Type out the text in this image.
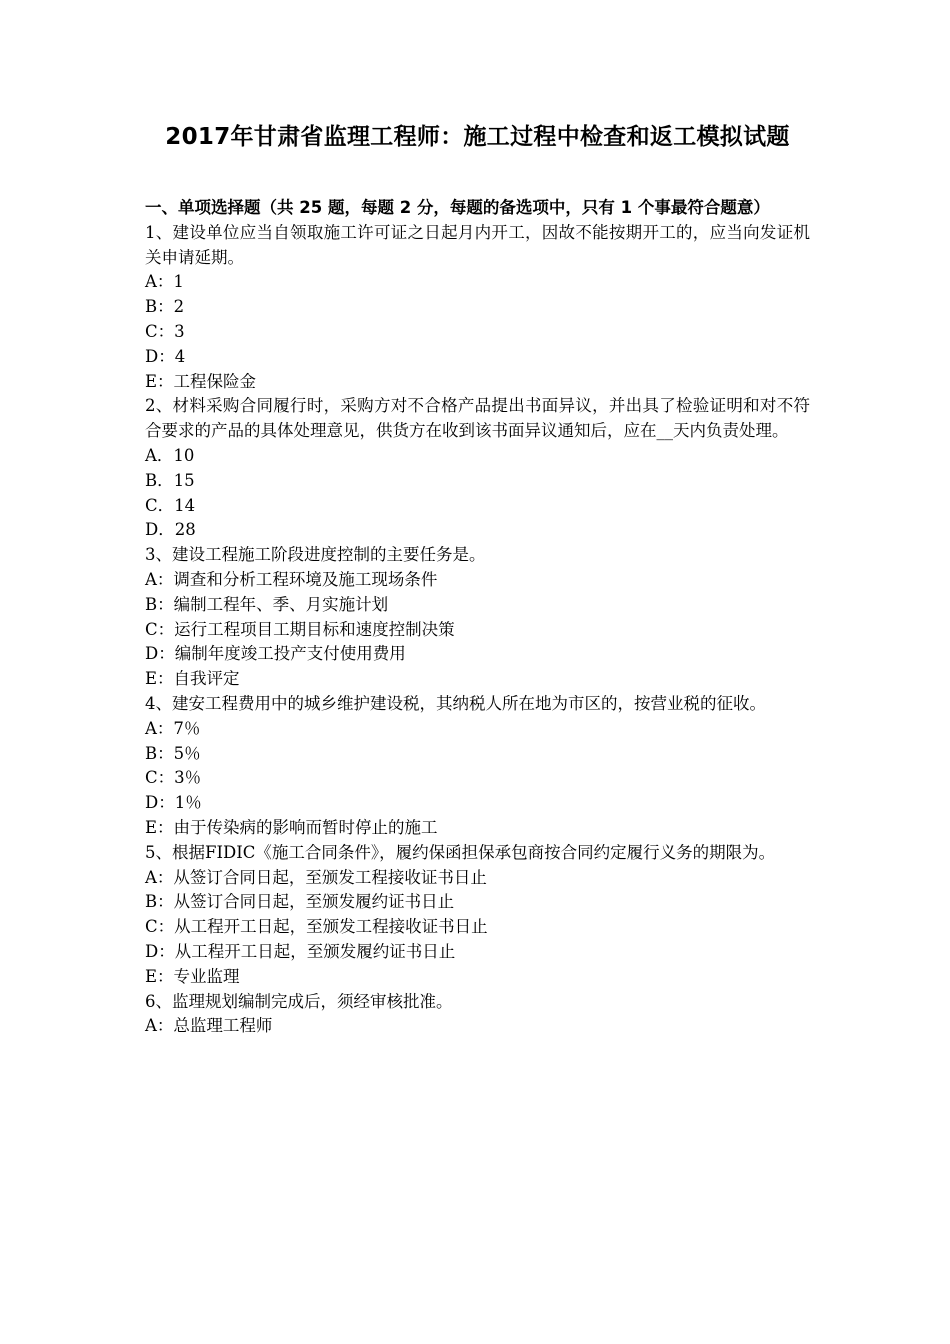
2017年甘肃省监理工程师：施工过程中检查和返工模拟试题
一、单项选择题（共 25 题，每题 2 分，每题的备选项中，只有 1 个事最符合题意）
1、建设单位应当自领取施工许可证之日起月内开工，因故不能按期开工的，应当向发证机关申请延期。
A：1
B：2
C：3
D：4
E：工程保险金
2、材料采购合同履行时，采购方对不合格产品提出书面异议，并出具了检验证明和对不符合要求的产品的具体处理意见，供货方在收到该书面异议通知后，应在__天内负责处理。
A．10
B．15
C．14
D．28
3、建设工程施工阶段进度控制的主要任务是。
A：调查和分析工程环境及施工现场条件
B：编制工程年、季、月实施计划
C：运行工程项目工期目标和速度控制决策
D：编制年度竣工投产支付使用费用
E：自我评定
4、建安工程费用中的城乡维护建设税，其纳税人所在地为市区的，按营业税的征收。
A：7％
B：5％
C：3％
D：1％
E：由于传染病的影响而暂时停止的施工
5、根据FIDIC《施工合同条件》，履约保函担保承包商按合同约定履行义务的期限为。
A：从签订合同日起，至颁发工程接收证书日止
B：从签订合同日起，至颁发履约证书日止
C：从工程开工日起，至颁发工程接收证书日止
D：从工程开工日起，至颁发履约证书日止
E：专业监理
6、监理规划编制完成后，须经审核批准。
A：总监理工程师
